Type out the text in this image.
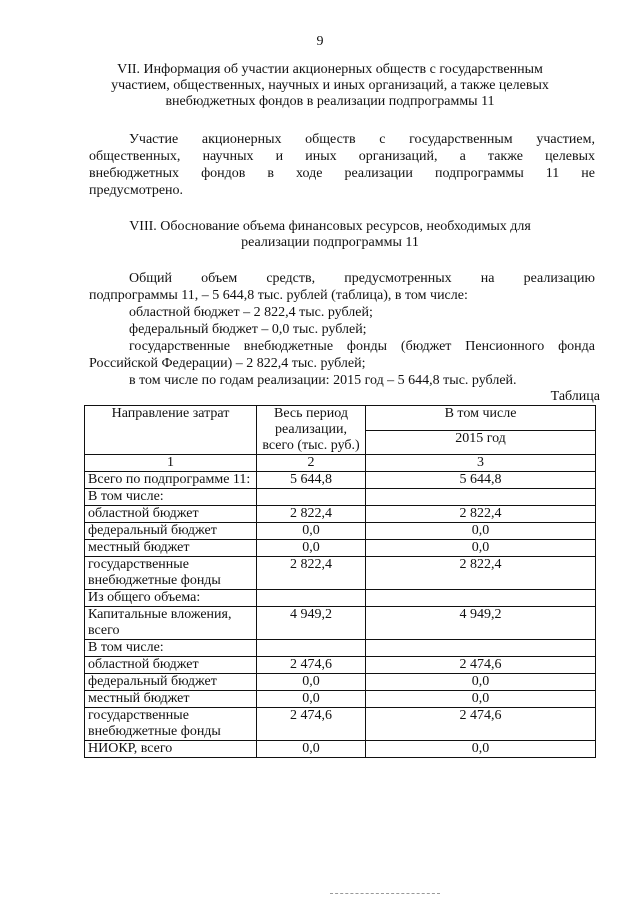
9
VII. Информация об участии акционерных обществ с государственным
участием, общественных, научных и иных организаций, а также целевых
внебюджетных фондов в реализации подпрограммы 11
Участие акционерных обществ с государственным участием,
общественных, научных и иных организаций, а также целевых
внебюджетных фондов в ходе реализации подпрограммы 11 не
предусмотрено.
VIII. Обоснование объема финансовых ресурсов, необходимых для
реализации подпрограммы 11
Общий объем средств, предусмотренных на реализацию
подпрограммы 11, – 5 644,8 тыс. рублей (таблица), в том числе:
областной бюджет – 2 822,4 тыс. рублей;
федеральный бюджет – 0,0 тыс. рублей;
государственные внебюджетные фонды (бюджет Пенсионного фонда
Российской Федерации) – 2 822,4 тыс. рублей;
в том числе по годам реализации: 2015 год – 5 644,8 тыс. рублей.
Таблица
Направление затрат	Весь период реализации, всего (тыс. руб.)	В том числе
		2015 год
1	2	3
Всего по подпрограмме 11:	5 644,8	5 644,8
В том числе:		
областной бюджет	2 822,4	2 822,4
федеральный бюджет	0,0	0,0
местный бюджет	0,0	0,0
государственные внебюджетные фонды	2 822,4	2 822,4
Из общего объема:		
Капитальные вложения, всего	4 949,2	4 949,2
В том числе:		
областной бюджет	2 474,6	2 474,6
федеральный бюджет	0,0	0,0
местный бюджет	0,0	0,0
государственные внебюджетные фонды	2 474,6	2 474,6
НИОКР, всего	0,0	0,0
